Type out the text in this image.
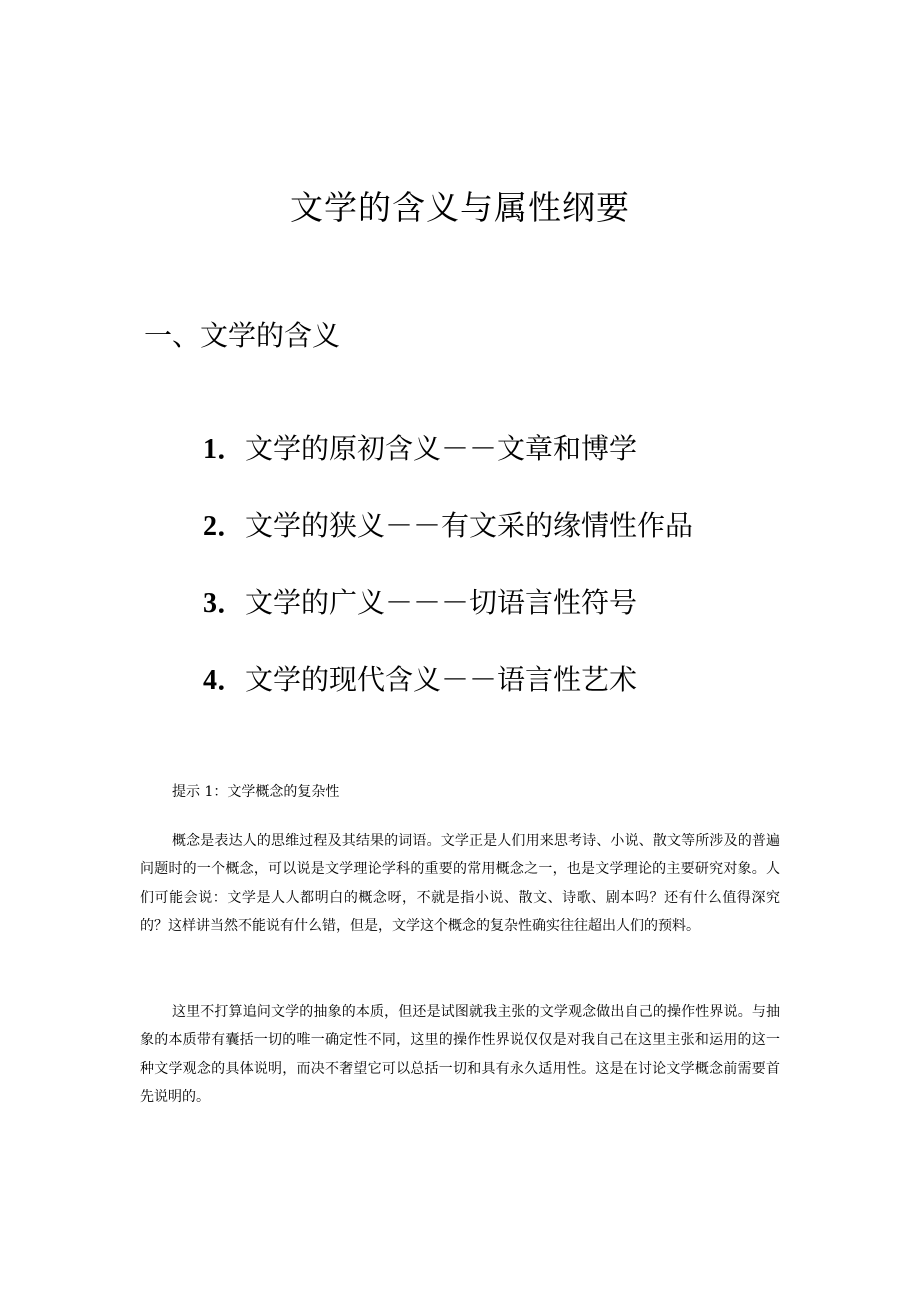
文学的含义与属性纲要
一、文学的含义
1．文学的原初含义－－文章和博学
2．文学的狭义－－有文采的缘情性作品
3．文学的广义－－－切语言性符号
4．文学的现代含义－－语言性艺术
提示 1：文学概念的复杂性

概念是表达人的思维过程及其结果的词语。文学正是人们用来思考诗、小说、散文等所涉及的普遍问题时的一个概念，可以说是文学理论学科的重要的常用概念之一，也是文学理论的主要研究对象。人们可能会说：文学是人人都明白的概念呀，不就是指小说、散文、诗歌、剧本吗？还有什么值得深究的？这样讲当然不能说有什么错，但是，文学这个概念的复杂性确实往往超出人们的预料。

这里不打算追问文学的抽象的本质，但还是试图就我主张的文学观念做出自己的操作性界说。与抽象的本质带有囊括一切的唯一确定性不同，这里的操作性界说仅仅是对我自己在这里主张和运用的这一种文学观念的具体说明，而决不奢望它可以总括一切和具有永久适用性。这是在讨论文学概念前需要首先说明的。
